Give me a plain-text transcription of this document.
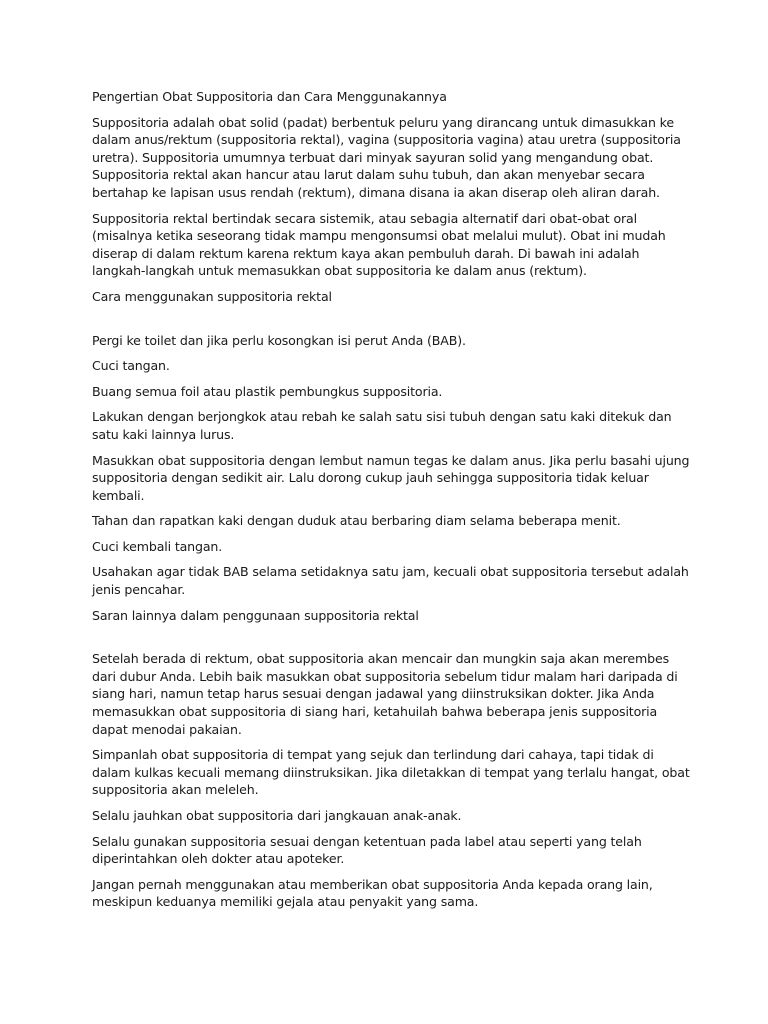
Pengertian Obat Suppositoria dan Cara Menggunakannya

Suppositoria adalah obat solid (padat) berbentuk peluru yang dirancang untuk dimasukkan ke dalam anus/rektum (suppositoria rektal), vagina (suppositoria vagina) atau uretra (suppositoria uretra). Suppositoria umumnya terbuat dari minyak sayuran solid yang mengandung obat. Suppositoria rektal akan hancur atau larut dalam suhu tubuh, dan akan menyebar secara bertahap ke lapisan usus rendah (rektum), dimana disana ia akan diserap oleh aliran darah.

Suppositoria rektal bertindak secara sistemik, atau sebagia alternatif dari obat-obat oral (misalnya ketika seseorang tidak mampu mengonsumsi obat melalui mulut). Obat ini mudah diserap di dalam rektum karena rektum kaya akan pembuluh darah. Di bawah ini adalah langkah-langkah untuk memasukkan obat suppositoria ke dalam anus (rektum).

Cara menggunakan suppositoria rektal

Pergi ke toilet dan jika perlu kosongkan isi perut Anda (BAB).

Cuci tangan.

Buang semua foil atau plastik pembungkus suppositoria.

Lakukan dengan berjongkok atau rebah ke salah satu sisi tubuh dengan satu kaki ditekuk dan satu kaki lainnya lurus.

Masukkan obat suppositoria dengan lembut namun tegas ke dalam anus. Jika perlu basahi ujung suppositoria dengan sedikit air. Lalu dorong cukup jauh sehingga suppositoria tidak keluar kembali.

Tahan dan rapatkan kaki dengan duduk atau berbaring diam selama beberapa menit.

Cuci kembali tangan.

Usahakan agar tidak BAB selama setidaknya satu jam, kecuali obat suppositoria tersebut adalah jenis pencahar.

Saran lainnya dalam penggunaan suppositoria rektal

Setelah berada di rektum, obat suppositoria akan mencair dan mungkin saja akan merembes dari dubur Anda. Lebih baik masukkan obat suppositoria sebelum tidur malam hari daripada di siang hari, namun tetap harus sesuai dengan jadawal yang diinstruksikan dokter. Jika Anda memasukkan obat suppositoria di siang hari, ketahuilah bahwa beberapa jenis suppositoria dapat menodai pakaian.

Simpanlah obat suppositoria di tempat yang sejuk dan terlindung dari cahaya, tapi tidak di dalam kulkas kecuali memang diinstruksikan. Jika diletakkan di tempat yang terlalu hangat, obat suppositoria akan meleleh.

Selalu jauhkan obat suppositoria dari jangkauan anak-anak.

Selalu gunakan suppositoria sesuai dengan ketentuan pada label atau seperti yang telah diperintahkan oleh dokter atau apoteker.

Jangan pernah menggunakan atau memberikan obat suppositoria Anda kepada orang lain, meskipun keduanya memiliki gejala atau penyakit yang sama.
